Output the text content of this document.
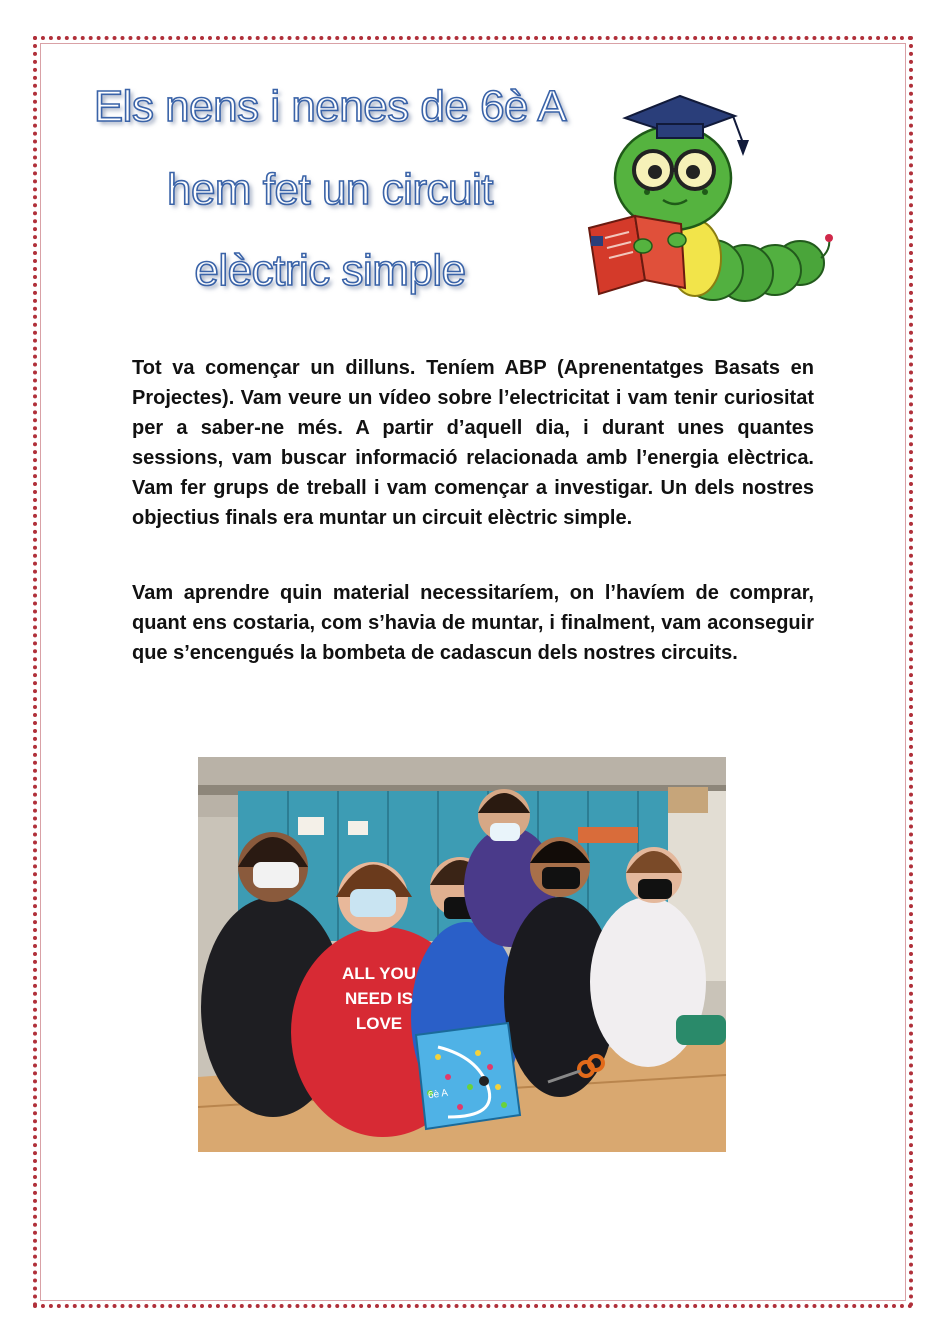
Els nens i nenes de 6è A
hem fet un circuit
elèctric simple

Tot va començar un dilluns. Teníem ABP (Aprenentatges Basats en Projectes). Vam veure un vídeo sobre l’electricitat i vam tenir curiositat per a saber-ne més. A partir d’aquell dia, i durant unes quantes sessions, vam buscar informació relacionada amb l’energia elèctrica. Vam fer grups de treball i vam començar a investigar. Un dels nostres objectius finals era muntar un circuit elèctric simple.

Vam aprendre quin material necessitaríem, on l’havíem de comprar, quant ens costaria, com s’havia de muntar, i finalment, vam aconseguir que s’encengués la bombeta de cadascun dels nostres circuits.

ALL YOU
NEED IS
LOVE
6è A
